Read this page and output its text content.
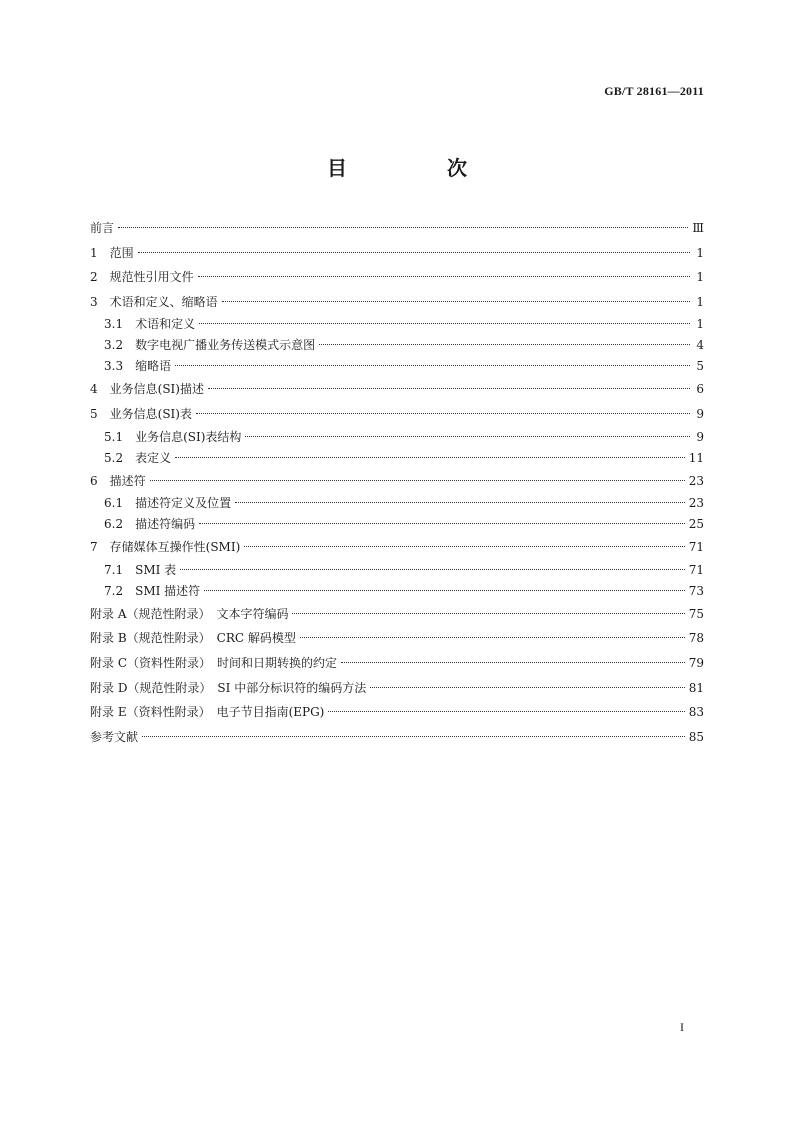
GB/T 28161—2011
目　次
前言	Ⅲ
1　 范围	1
2　 规范性引用文件	1
3　 术语和定义、缩略语	1
3.1　 术语和定义	1
3.2　 数字电视广播业务传送模式示意图	4
3.3　 缩略语	5
4　 业务信息(SI)描述	6
5　 业务信息(SI)表	9
5.1　 业务信息(SI)表结构	9
5.2　 表定义	11
6　 描述符	23
6.1　 描述符定义及位置	23
6.2　 描述符编码	25
7　 存储媒体互操作性(SMI)	71
7.1　 SMI 表	71
7.2　 SMI 描述符	73
附录 A（规范性附录）　文本字符编码	75
附录 B（规范性附录）　CRC 解码模型	78
附录 C（资料性附录）　时间和日期转换的约定	79
附录 D（规范性附录）　SI 中部分标识符的编码方法	81
附录 E（资料性附录）　电子节目指南(EPG)	83
参考文献	85
I
